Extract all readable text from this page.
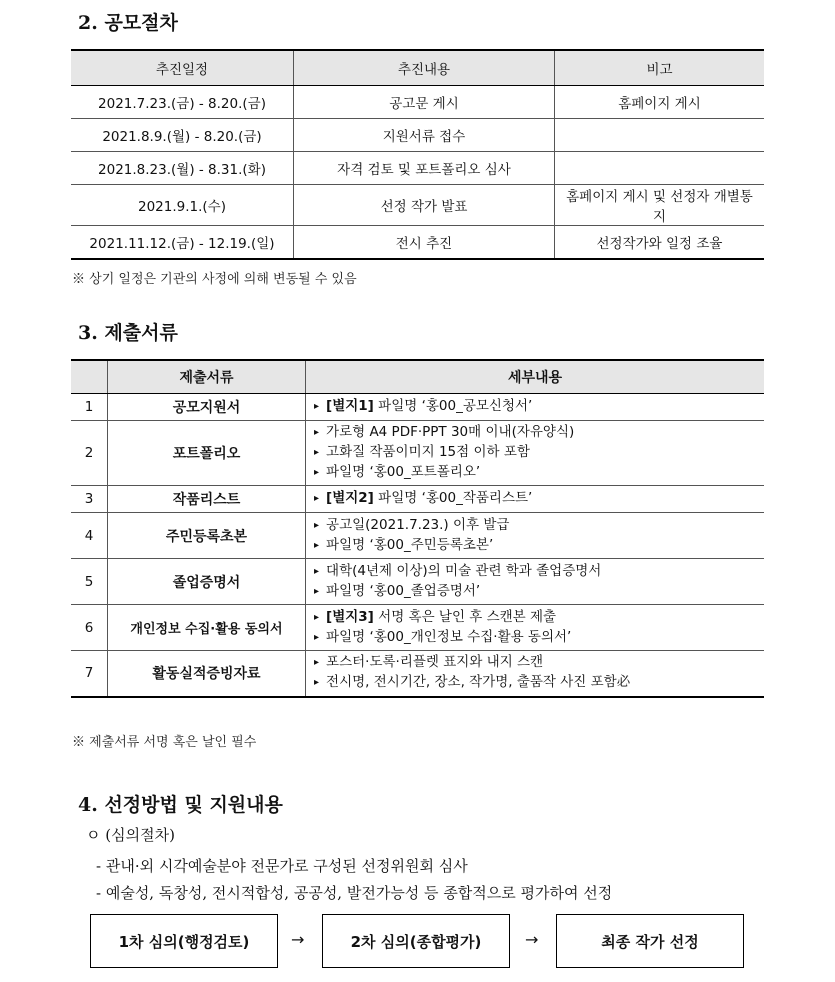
2. 공모절차
추진일정	추진내용	비고
2021.7.23.(금) - 8.20.(금)	공고문 게시	홈페이지 게시
2021.8.9.(월) - 8.20.(금)	지원서류 접수	
2021.8.23.(월) - 8.31.(화)	자격 검토 및 포트폴리오 심사	
2021.9.1.(수)	선정 작가 발표	홈페이지 게시 및 선정자 개별통지
2021.11.12.(금) - 12.19.(일)	전시 추진	선정작가와 일정 조율
※ 상기 일정은 기관의 사정에 의해 변동될 수 있음
3. 제출서류
	제출서류	세부내용
1	공모지원서	▸ [별지1] 파일명 ‘홍00_공모신청서’

2	포트폴리오	▸ 가로형 A4 PDF·PPT 30매 이내(자유양식)
▸ 고화질 작품이미지 15점 이하 포함
▸ 파일명 ‘홍00_포트폴리오’

3	작품리스트	▸ [별지2] 파일명 ‘홍00_작품리스트’

4	주민등록초본	▸ 공고일(2021.7.23.) 이후 발급
▸ 파일명 ‘홍00_주민등록초본’

5	졸업증명서	▸ 대학(4년제 이상)의 미술 관련 학과 졸업증명서
▸ 파일명 ‘홍00_졸업증명서’

6	개인정보 수집·활용 동의서	▸ [별지3] 서명 혹은 날인 후 스캔본 제출
▸ 파일명 ‘홍00_개인정보 수집·활용 동의서’

7	활동실적증빙자료	▸ 포스터·도록·리플렛 표지와 내지 스캔
▸ 전시명, 전시기간, 장소, 작가명, 출품작 사진 포함必
※ 제출서류 서명 혹은 날인 필수
4. 선정방법 및 지원내용
ㅇ (심의절차)
- 관내·외 시각예술분야 전문가로 구성된 선정위원회 심사
- 예술성, 독창성, 전시적합성, 공공성, 발전가능성 등 종합적으로 평가하여 선정
1차 심의(행정검토)	→	2차 심의(종합평가)	→	최종 작가 선정
